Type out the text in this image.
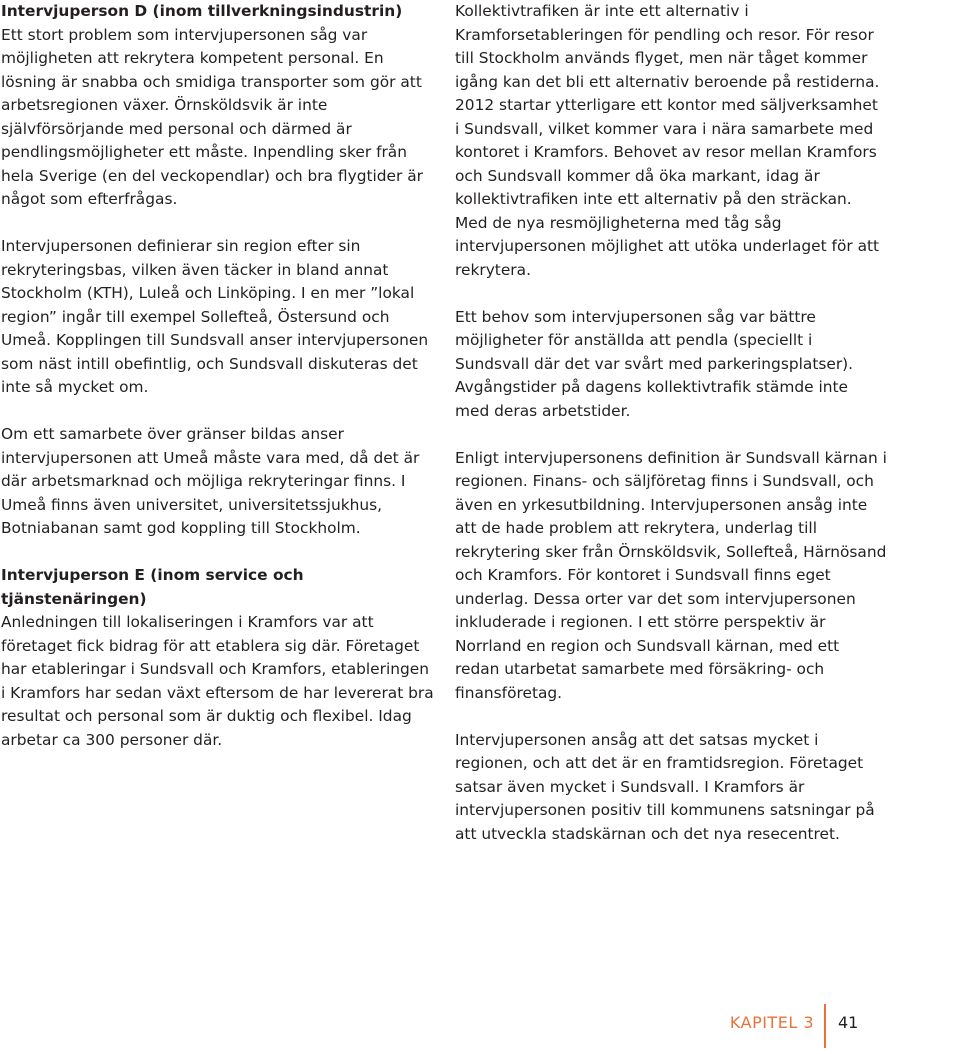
Intervjuperson D (inom tillverkningsindustrin)

Ett stort problem som intervjupersonen såg var möjligheten att rekrytera kompetent personal. En lösning är snabba och smidiga transporter som gör att arbetsregionen växer. Örnsköldsvik är inte självförsörjande med personal och därmed är pendlingsmöjligheter ett måste. Inpendling sker från hela Sverige (en del veckopendlar) och bra flygtider är något som efterfrågas.

Intervjupersonen definierar sin region efter sin rekryteringsbas, vilken även täcker in bland annat Stockholm (KTH), Luleå och Linköping. I en mer ”lokal region” ingår till exempel Sollefteå, Östersund och Umeå. Kopplingen till Sundsvall anser intervjupersonen som näst intill obefintlig, och Sundsvall diskuteras det inte så mycket om.

Om ett samarbete över gränser bildas anser intervjupersonen att Umeå måste vara med, då det är där arbetsmarknad och möjliga rekryteringar finns. I Umeå finns även universitet, universitetssjukhus, Botniabanan samt god koppling till Stockholm.

Intervjuperson E (inom service och tjänstenäringen)

Anledningen till lokaliseringen i Kramfors var att företaget fick bidrag för att etablera sig där. Företaget har etableringar i Sundsvall och Kramfors, etableringen i Kramfors har sedan växt eftersom de har levererat bra resultat och personal som är duktig och flexibel. Idag arbetar ca 300 personer där.

Kollektivtrafiken är inte ett alternativ i Kramforsetableringen för pendling och resor. För resor till Stockholm används flyget, men när tåget kommer igång kan det bli ett alternativ beroende på restiderna. 2012 startar ytterligare ett kontor med säljverksamhet i Sundsvall, vilket kommer vara i nära samarbete med kontoret i Kramfors. Behovet av resor mellan Kramfors och Sundsvall kommer då öka markant, idag är kollektivtrafiken inte ett alternativ på den sträckan. Med de nya resmöjligheterna med tåg såg intervjupersonen möjlighet att utöka underlaget för att rekrytera.

Ett behov som intervjupersonen såg var bättre möjligheter för anställda att pendla (speciellt i Sundsvall där det var svårt med parkeringsplatser). Avgångstider på dagens kollektivtrafik stämde inte med deras arbetstider.

Enligt intervjupersonens definition är Sundsvall kärnan i regionen. Finans- och säljföretag finns i Sundsvall, och även en yrkesutbildning. Intervjupersonen ansåg inte att de hade problem att rekrytera, underlag till rekrytering sker från Örnsköldsvik, Sollefteå, Härnösand och Kramfors. För kontoret i Sundsvall finns eget underlag. Dessa orter var det som intervjupersonen inkluderade i regionen. I ett större perspektiv är Norrland en region och Sundsvall kärnan, med ett redan utarbetat samarbete med försäkring- och finansföretag.

Intervjupersonen ansåg att det satsas mycket i regionen, och att det är en framtidsregion. Företaget satsar även mycket i Sundsvall. I Kramfors är intervjupersonen positiv till kommunens satsningar på att utveckla stadskärnan och det nya resecentret.

KAPITEL 3 41
